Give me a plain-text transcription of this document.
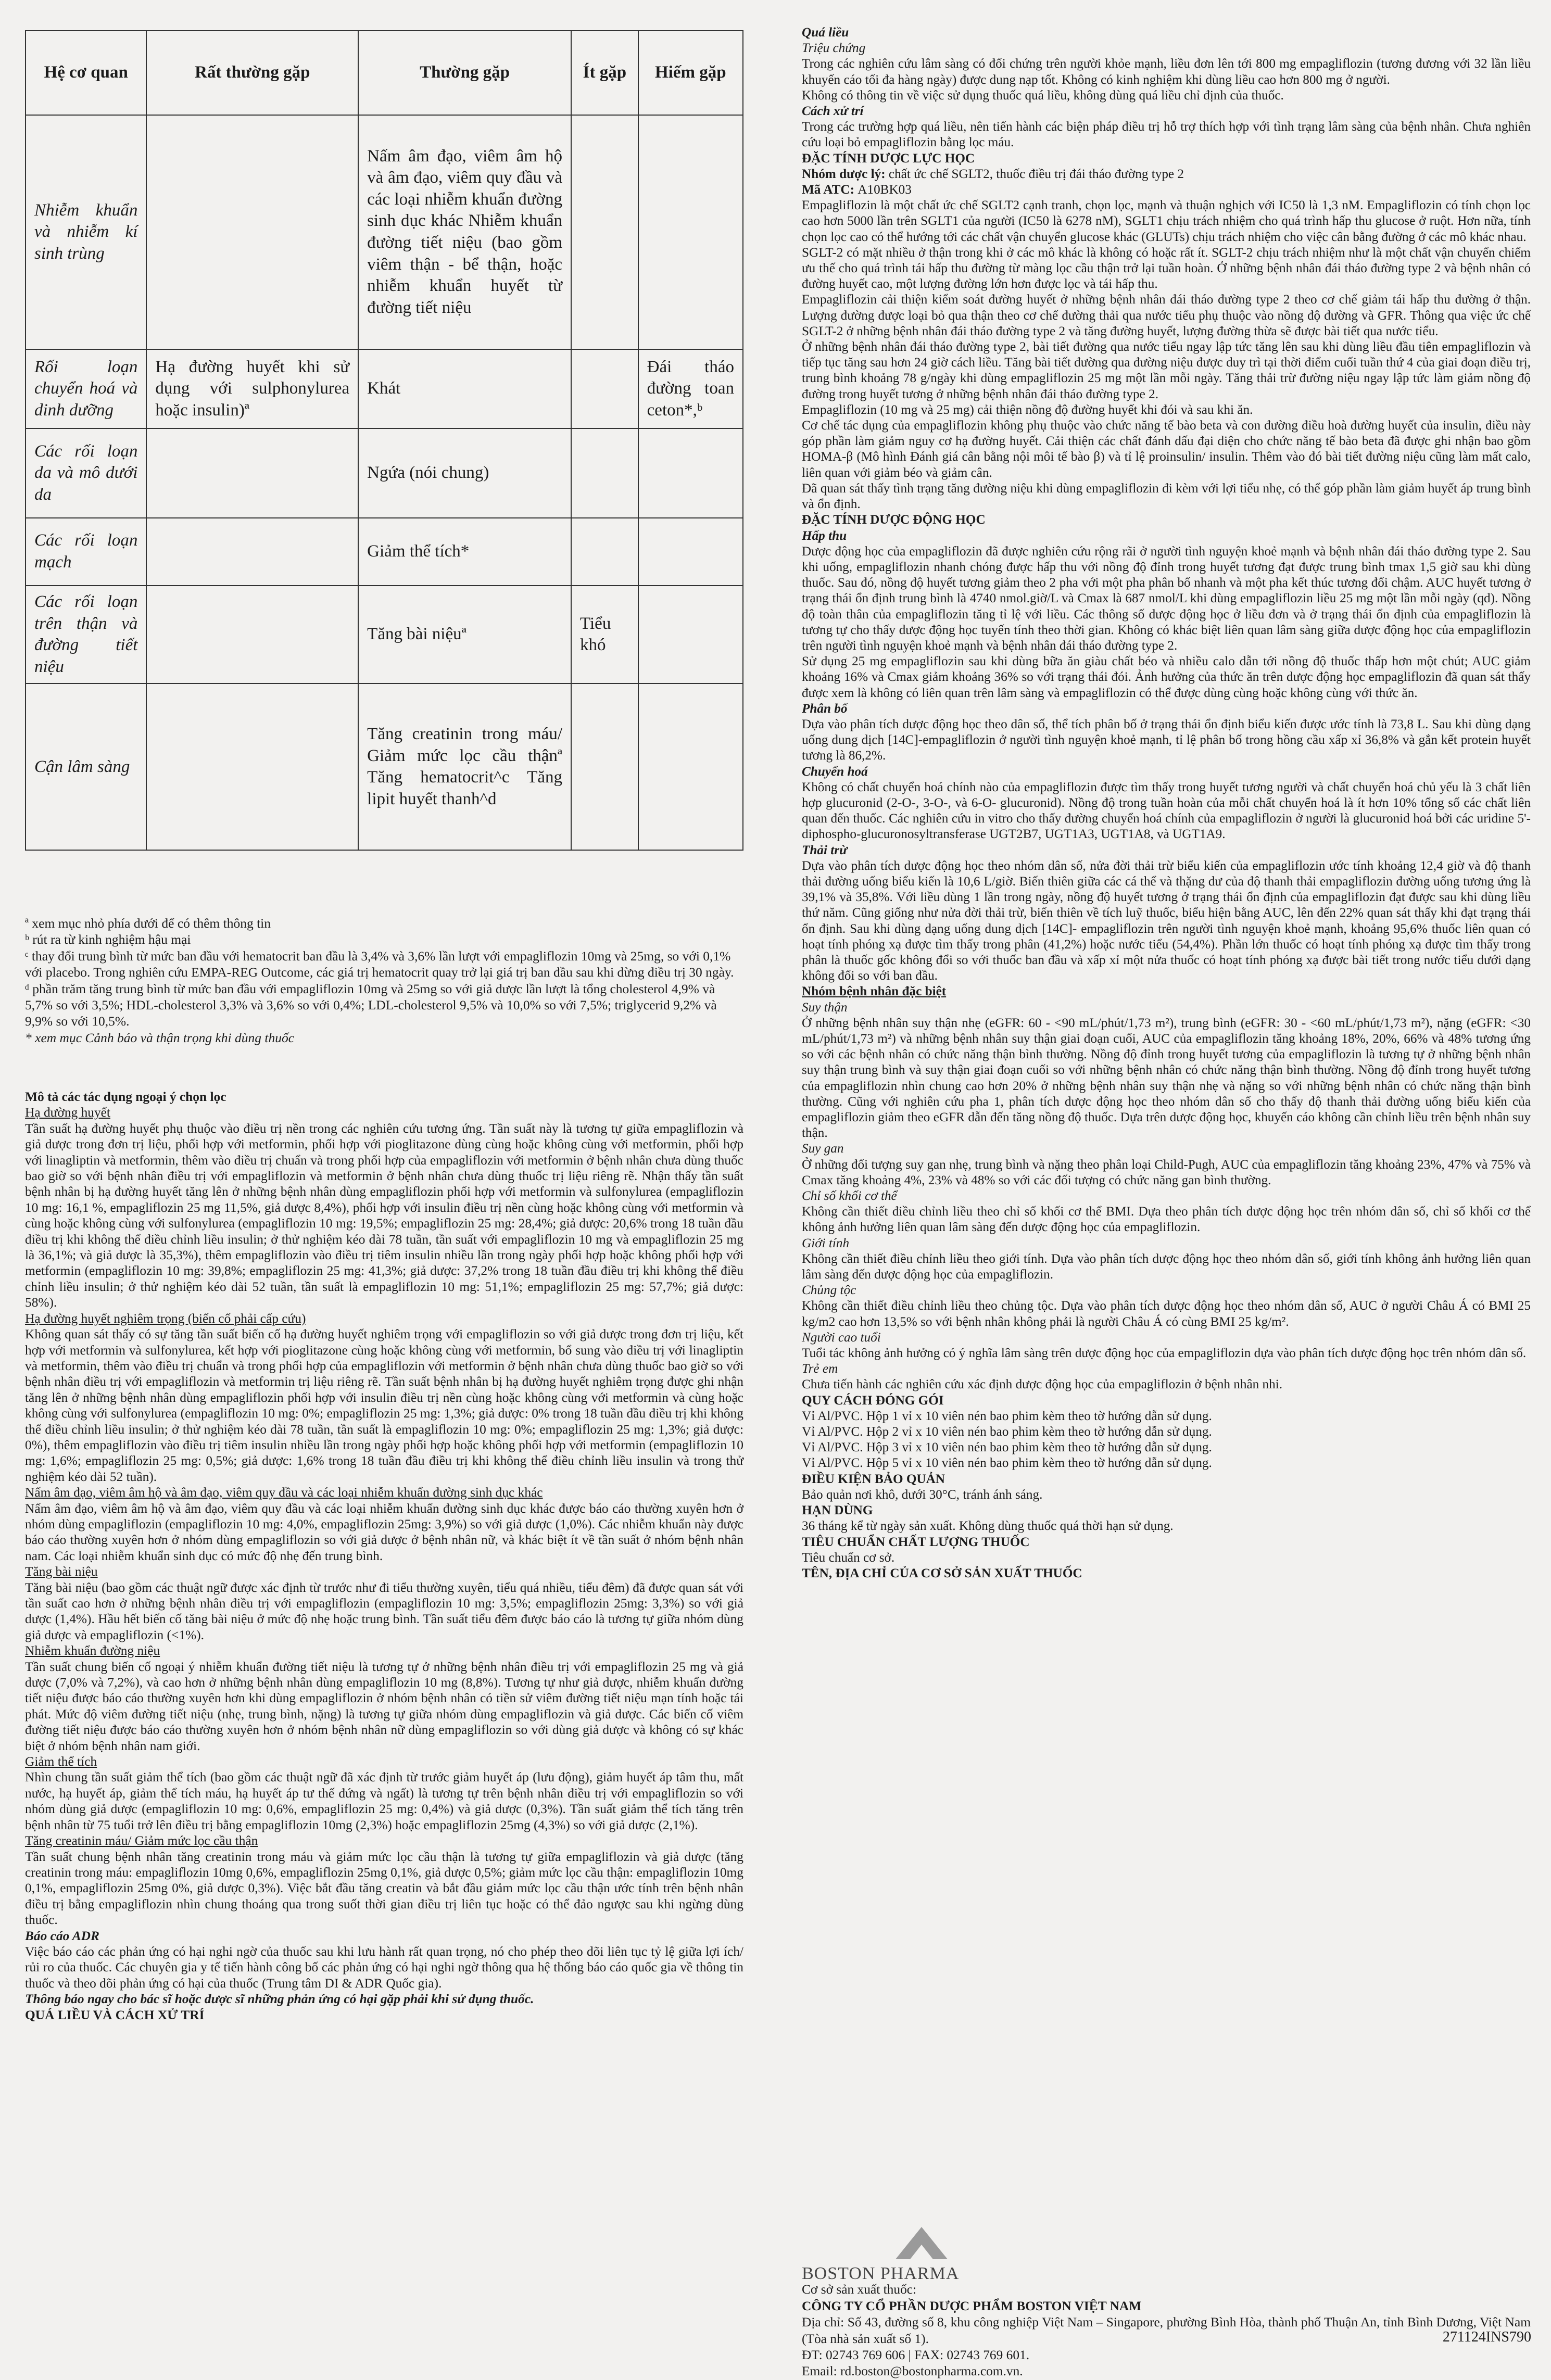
Hệ cơ quan	Rất thường gặp	Thường gặp	Ít gặp	Hiếm gặp
Nhiễm khuẩn và nhiễm kí sinh trùng		Nấm âm đạo, viêm âm hộ và âm đạo, viêm quy đầu và các loại nhiễm khuẩn đường sinh dục khác Nhiễm khuẩn đường tiết niệu (bao gồm viêm thận - bể thận, hoặc nhiễm khuẩn huyết từ đường tiết niệu		
Rối loạn chuyển hoá và dinh dưỡng	Hạ đường huyết khi sử dụng với sulphonylurea hoặc insulin)ª	Khát		Đái tháo đường toan ceton*,ᵇ
Các rối loạn da và mô dưới da		Ngứa (nói chung)		
Các rối loạn mạch		Giảm thể tích*		
Các rối loạn trên thận và đường tiết niệu		Tăng bài niệuª	Tiểu khó	
Cận lâm sàng		Tăng creatinin trong máu/ Giảm mức lọc cầu thậnª Tăng hematocrit^c Tăng lipit huyết thanh^d		

ª xem mục nhỏ phía dưới để có thêm thông tin

ᵇ rút ra từ kinh nghiệm hậu mại

ᶜ thay đổi trung bình từ mức ban đầu với hematocrit ban đầu là 3,4% và 3,6% lần lượt với empagliflozin 10mg và 25mg, so với 0,1% với placebo. Trong nghiên cứu EMPA-REG Outcome, các giá trị hematocrit quay trở lại giá trị ban đầu sau khi dừng điều trị 30 ngày.

ᵈ phần trăm tăng trung bình từ mức ban đầu với empagliflozin 10mg và 25mg so với giả dược lần lượt là tổng cholesterol 4,9% và 5,7% so với 3,5%; HDL-cholesterol 3,3% và 3,6% so với 0,4%; LDL-cholesterol 9,5% và 10,0% so với 7,5%; triglycerid 9,2% và 9,9% so với 10,5%.

* xem mục Cảnh báo và thận trọng khi dùng thuốc

Mô tả các tác dụng ngoại ý chọn lọc

Hạ đường huyết

Tần suất hạ đường huyết phụ thuộc vào điều trị nền trong các nghiên cứu tương ứng. Tần suất này là tương tự giữa empagliflozin và giả dược trong đơn trị liệu, phối hợp với metformin, phối hợp với pioglitazone dùng cùng hoặc không cùng với metformin, phối hợp với linagliptin và metformin, thêm vào điều trị chuẩn và trong phối hợp của empagliflozin với metformin ở bệnh nhân chưa dùng thuốc bao giờ so với bệnh nhân điều trị với empagliflozin và metformin ở bệnh nhân chưa dùng thuốc trị liệu riêng rẽ. Nhận thấy tần suất bệnh nhân bị hạ đường huyết tăng lên ở những bệnh nhân dùng empagliflozin phối hợp với metformin và sulfonylurea (empagliflozin 10 mg: 16,1 %, empagliflozin 25 mg 11,5%, giả dược 8,4%), phối hợp với insulin điều trị nền cùng hoặc không cùng với metformin và cùng hoặc không cùng với sulfonylurea (empagliflozin 10 mg: 19,5%; empagliflozin 25 mg: 28,4%; giả dược: 20,6% trong 18 tuần đầu điều trị khi không thể điều chỉnh liều insulin; ở thử nghiệm kéo dài 78 tuần, tần suất với empagliflozin 10 mg và empagliflozin 25 mg là 36,1%; và giả dược là 35,3%), thêm empagliflozin vào điều trị tiêm insulin nhiều lần trong ngày phối hợp hoặc không phối hợp với metformin (empagliflozin 10 mg: 39,8%; empagliflozin 25 mg: 41,3%; giả dược: 37,2% trong 18 tuần đầu điều trị khi không thể điều chỉnh liều insulin; ở thử nghiệm kéo dài 52 tuần, tần suất là empagliflozin 10 mg: 51,1%; empagliflozin 25 mg: 57,7%; giả dược: 58%).

Hạ đường huyết nghiêm trọng (biến cố phải cấp cứu)

Không quan sát thấy có sự tăng tần suất biến cố hạ đường huyết nghiêm trọng với empagliflozin so với giả dược trong đơn trị liệu, kết hợp với metformin và sulfonylurea, kết hợp với pioglitazone cùng hoặc không cùng với metformin, bổ sung vào điều trị với linagliptin và metformin, thêm vào điều trị chuẩn và trong phối hợp của empagliflozin với metformin ở bệnh nhân chưa dùng thuốc bao giờ so với bệnh nhân điều trị với empagliflozin và metformin trị liệu riêng rẽ. Tần suất bệnh nhân bị hạ đường huyết nghiêm trọng được ghi nhận tăng lên ở những bệnh nhân dùng empagliflozin phối hợp với insulin điều trị nền cùng hoặc không cùng với metformin và cùng hoặc không cùng với sulfonylurea (empagliflozin 10 mg: 0%; empagliflozin 25 mg: 1,3%; giả dược: 0% trong 18 tuần đầu điều trị khi không thể điều chỉnh liều insulin; ở thử nghiệm kéo dài 78 tuần, tần suất là empagliflozin 10 mg: 0%; empagliflozin 25 mg: 1,3%; giả dược: 0%), thêm empagliflozin vào điều trị tiêm insulin nhiều lần trong ngày phối hợp hoặc không phối hợp với metformin (empagliflozin 10 mg: 1,6%; empagliflozin 25 mg: 0,5%; giả dược: 1,6% trong 18 tuần đầu điều trị khi không thể điều chỉnh liều insulin và trong thử nghiệm kéo dài 52 tuần).

Nấm âm đạo, viêm âm hộ và âm đạo, viêm quy đầu và các loại nhiễm khuẩn đường sinh dục khác

Nấm âm đạo, viêm âm hộ và âm đạo, viêm quy đầu và các loại nhiễm khuẩn đường sinh dục khác được báo cáo thường xuyên hơn ở nhóm dùng empagliflozin (empagliflozin 10 mg: 4,0%, empagliflozin 25mg: 3,9%) so với giả dược (1,0%). Các nhiễm khuẩn này được báo cáo thường xuyên hơn ở nhóm dùng empagliflozin so với giả dược ở bệnh nhân nữ, và khác biệt ít về tần suất ở nhóm bệnh nhân nam. Các loại nhiễm khuẩn sinh dục có mức độ nhẹ đến trung bình.

Tăng bài niệu

Tăng bài niệu (bao gồm các thuật ngữ được xác định từ trước như đi tiểu thường xuyên, tiểu quá nhiều, tiểu đêm) đã được quan sát với tần suất cao hơn ở những bệnh nhân điều trị với empagliflozin (empagliflozin 10 mg: 3,5%; empagliflozin 25mg: 3,3%) so với giả dược (1,4%). Hầu hết biến cố tăng bài niệu ở mức độ nhẹ hoặc trung bình. Tần suất tiểu đêm được báo cáo là tương tự giữa nhóm dùng giả dược và empagliflozin (<1%).

Nhiễm khuẩn đường niệu

Tần suất chung biến cố ngoại ý nhiễm khuẩn đường tiết niệu là tương tự ở những bệnh nhân điều trị với empagliflozin 25 mg và giả dược (7,0% và 7,2%), và cao hơn ở những bệnh nhân dùng empagliflozin 10 mg (8,8%). Tương tự như giả dược, nhiễm khuẩn đường tiết niệu được báo cáo thường xuyên hơn khi dùng empagliflozin ở nhóm bệnh nhân có tiền sử viêm đường tiết niệu mạn tính hoặc tái phát. Mức độ viêm đường tiết niệu (nhẹ, trung bình, nặng) là tương tự giữa nhóm dùng empagliflozin và giả dược. Các biến cố viêm đường tiết niệu được báo cáo thường xuyên hơn ở nhóm bệnh nhân nữ dùng empagliflozin so với dùng giả dược và không có sự khác biệt ở nhóm bệnh nhân nam giới.

Giảm thể tích

Nhìn chung tần suất giảm thể tích (bao gồm các thuật ngữ đã xác định từ trước giảm huyết áp (lưu động), giảm huyết áp tâm thu, mất nước, hạ huyết áp, giảm thể tích máu, hạ huyết áp tư thế đứng và ngất) là tương tự trên bệnh nhân điều trị với empagliflozin so với nhóm dùng giả dược (empagliflozin 10 mg: 0,6%, empagliflozin 25 mg: 0,4%) và giả dược (0,3%). Tần suất giảm thể tích tăng trên bệnh nhân từ 75 tuổi trở lên điều trị bằng empagliflozin 10mg (2,3%) hoặc empagliflozin 25mg (4,3%) so với giả dược (2,1%).

Tăng creatinin máu/ Giảm mức lọc cầu thận

Tần suất chung bệnh nhân tăng creatinin trong máu và giảm mức lọc cầu thận là tương tự giữa empagliflozin và giả dược (tăng creatinin trong máu: empagliflozin 10mg 0,6%, empagliflozin 25mg 0,1%, giả dược 0,5%; giảm mức lọc cầu thận: empagliflozin 10mg 0,1%, empagliflozin 25mg 0%, giả dược 0,3%). Việc bắt đầu tăng creatin và bắt đầu giảm mức lọc cầu thận ước tính trên bệnh nhân điều trị bằng empagliflozin nhìn chung thoáng qua trong suốt thời gian điều trị liên tục hoặc có thể đảo ngược sau khi ngừng dùng thuốc.

Báo cáo ADR

Việc báo cáo các phản ứng có hại nghi ngờ của thuốc sau khi lưu hành rất quan trọng, nó cho phép theo dõi liên tục tỷ lệ giữa lợi ích/ rủi ro của thuốc. Các chuyên gia y tế tiến hành công bố các phản ứng có hại nghi ngờ thông qua hệ thống báo cáo quốc gia về thông tin thuốc và theo dõi phản ứng có hại của thuốc (Trung tâm DI & ADR Quốc gia).

Thông báo ngay cho bác sĩ hoặc dược sĩ những phản ứng có hại gặp phải khi sử dụng thuốc.

QUÁ LIỀU VÀ CÁCH XỬ TRÍ

Quá liều

Triệu chứng

Trong các nghiên cứu lâm sàng có đối chứng trên người khỏe mạnh, liều đơn lên tới 800 mg empagliflozin (tương đương với 32 lần liều khuyến cáo tối đa hàng ngày) được dung nạp tốt. Không có kinh nghiệm khi dùng liều cao hơn 800 mg ở người.

Không có thông tin về việc sử dụng thuốc quá liều, không dùng quá liều chỉ định của thuốc.

Cách xử trí

Trong các trường hợp quá liều, nên tiến hành các biện pháp điều trị hỗ trợ thích hợp với tình trạng lâm sàng của bệnh nhân. Chưa nghiên cứu loại bỏ empagliflozin bằng lọc máu.

ĐẶC TÍNH DƯỢC LỰC HỌC

Nhóm dược lý: chất ức chế SGLT2, thuốc điều trị đái tháo đường type 2

Mã ATC: A10BK03

Empagliflozin là một chất ức chế SGLT2 cạnh tranh, chọn lọc, mạnh và thuận nghịch với IC50 là 1,3 nM. Empagliflozin có tính chọn lọc cao hơn 5000 lần trên SGLT1 của người (IC50 là 6278 nM), SGLT1 chịu trách nhiệm cho quá trình hấp thu glucose ở ruột. Hơn nữa, tính chọn lọc cao có thể hướng tới các chất vận chuyển glucose khác (GLUTs) chịu trách nhiệm cho việc cân bằng đường ở các mô khác nhau.

SGLT-2 có mặt nhiều ở thận trong khi ở các mô khác là không có hoặc rất ít. SGLT-2 chịu trách nhiệm như là một chất vận chuyển chiếm ưu thế cho quá trình tái hấp thu đường từ màng lọc cầu thận trở lại tuần hoàn. Ở những bệnh nhân đái tháo đường type 2 và bệnh nhân có đường huyết cao, một lượng đường lớn hơn được lọc và tái hấp thu.

Empagliflozin cải thiện kiểm soát đường huyết ở những bệnh nhân đái tháo đường type 2 theo cơ chế giảm tái hấp thu đường ở thận. Lượng đường được loại bỏ qua thận theo cơ chế đường thải qua nước tiểu phụ thuộc vào nồng độ đường và GFR. Thông qua việc ức chế SGLT-2 ở những bệnh nhân đái tháo đường type 2 và tăng đường huyết, lượng đường thừa sẽ được bài tiết qua nước tiểu.

Ở những bệnh nhân đái tháo đường type 2, bài tiết đường qua nước tiểu ngay lập tức tăng lên sau khi dùng liều đầu tiên empagliflozin và tiếp tục tăng sau hơn 24 giờ cách liều. Tăng bài tiết đường qua đường niệu được duy trì tại thời điểm cuối tuần thứ 4 của giai đoạn điều trị, trung bình khoảng 78 g/ngày khi dùng empagliflozin 25 mg một lần mỗi ngày. Tăng thải trừ đường niệu ngay lập tức làm giảm nồng độ đường trong huyết tương ở những bệnh nhân đái tháo đường type 2.

Empagliflozin (10 mg và 25 mg) cải thiện nồng độ đường huyết khi đói và sau khi ăn.

Cơ chế tác dụng của empagliflozin không phụ thuộc vào chức năng tế bào beta và con đường điều hoà đường huyết của insulin, điều này góp phần làm giảm nguy cơ hạ đường huyết. Cải thiện các chất đánh dấu đại diện cho chức năng tế bào beta đã được ghi nhận bao gồm HOMA-β (Mô hình Đánh giá cân bằng nội môi tế bào β) và tỉ lệ proinsulin/ insulin. Thêm vào đó bài tiết đường niệu cũng làm mất calo, liên quan với giảm béo và giảm cân.

Đã quan sát thấy tình trạng tăng đường niệu khi dùng empagliflozin đi kèm với lợi tiểu nhẹ, có thể góp phần làm giảm huyết áp trung bình và ổn định.

ĐẶC TÍNH DƯỢC ĐỘNG HỌC

Hấp thu

Dược động học của empagliflozin đã được nghiên cứu rộng rãi ở người tình nguyện khoẻ mạnh và bệnh nhân đái tháo đường type 2. Sau khi uống, empagliflozin nhanh chóng được hấp thu với nồng độ đỉnh trong huyết tương đạt được trung bình tmax 1,5 giờ sau khi dùng thuốc. Sau đó, nồng độ huyết tương giảm theo 2 pha với một pha phân bố nhanh và một pha kết thúc tương đối chậm. AUC huyết tương ở trạng thái ổn định trung bình là 4740 nmol.giờ/L và Cmax là 687 nmol/L khi dùng empagliflozin liều 25 mg một lần mỗi ngày (qd). Nồng độ toàn thân của empagliflozin tăng tỉ lệ với liều. Các thông số dược động học ở liều đơn và ở trạng thái ổn định của empagliflozin là tương tự cho thấy dược động học tuyến tính theo thời gian. Không có khác biệt liên quan lâm sàng giữa dược động học của empagliflozin trên người tình nguyện khoẻ mạnh và bệnh nhân đái tháo đường type 2.

Sử dụng 25 mg empagliflozin sau khi dùng bữa ăn giàu chất béo và nhiều calo dẫn tới nồng độ thuốc thấp hơn một chút; AUC giảm khoảng 16% và Cmax giảm khoảng 36% so với trạng thái đói. Ảnh hưởng của thức ăn trên dược động học empagliflozin đã quan sát thấy được xem là không có liên quan trên lâm sàng và empagliflozin có thể được dùng cùng hoặc không cùng với thức ăn.

Phân bố

Dựa vào phân tích dược động học theo dân số, thể tích phân bố ở trạng thái ổn định biểu kiến được ước tính là 73,8 L. Sau khi dùng dạng uống dung dịch [14C]-empagliflozin ở người tình nguyện khoẻ mạnh, tỉ lệ phân bố trong hồng cầu xấp xỉ 36,8% và gắn kết protein huyết tương là 86,2%.

Chuyển hoá

Không có chất chuyển hoá chính nào của empagliflozin được tìm thấy trong huyết tương người và chất chuyển hoá chủ yếu là 3 chất liên hợp glucuronid (2-O-, 3-O-, và 6-O- glucuronid). Nồng độ trong tuần hoàn của mỗi chất chuyển hoá là ít hơn 10% tổng số các chất liên quan đến thuốc. Các nghiên cứu in vitro cho thấy đường chuyển hoá chính của empagliflozin ở người là glucuronid hoá bởi các uridine 5'-diphospho-glucuronosyltransferase UGT2B7, UGT1A3, UGT1A8, và UGT1A9.

Thải trừ

Dựa vào phân tích dược động học theo nhóm dân số, nửa đời thải trừ biểu kiến của empagliflozin ước tính khoảng 12,4 giờ và độ thanh thải đường uống biểu kiến là 10,6 L/giờ. Biến thiên giữa các cá thể và thặng dư của độ thanh thải empagliflozin đường uống tương ứng là 39,1% và 35,8%. Với liều dùng 1 lần trong ngày, nồng độ huyết tương ở trạng thái ổn định của empagliflozin đạt được sau khi dùng liều thứ năm. Cũng giống như nửa đời thải trừ, biến thiên về tích luỹ thuốc, biểu hiện bằng AUC, lên đến 22% quan sát thấy khi đạt trạng thái ổn định. Sau khi dùng dạng uống dung dịch [14C]- empagliflozin trên người tình nguyện khoẻ mạnh, khoảng 95,6% thuốc liên quan có hoạt tính phóng xạ được tìm thấy trong phân (41,2%) hoặc nước tiểu (54,4%). Phần lớn thuốc có hoạt tính phóng xạ được tìm thấy trong phân là thuốc gốc không đổi so với thuốc ban đầu và xấp xỉ một nửa thuốc có hoạt tính phóng xạ được bài tiết trong nước tiểu dưới dạng không đổi so với ban đầu.

Nhóm bệnh nhân đặc biệt

Suy thận

Ở những bệnh nhân suy thận nhẹ (eGFR: 60 - <90 mL/phút/1,73 m²), trung bình (eGFR: 30 - <60 mL/phút/1,73 m²), nặng (eGFR: <30 mL/phút/1,73 m²) và những bệnh nhân suy thận giai đoạn cuối, AUC của empagliflozin tăng khoảng 18%, 20%, 66% và 48% tương ứng so với các bệnh nhân có chức năng thận bình thường. Nồng độ đỉnh trong huyết tương của empagliflozin là tương tự ở những bệnh nhân suy thận trung bình và suy thận giai đoạn cuối so với những bệnh nhân có chức năng thận bình thường. Nồng độ đỉnh trong huyết tương của empagliflozin nhìn chung cao hơn 20% ở những bệnh nhân suy thận nhẹ và nặng so với những bệnh nhân có chức năng thận bình thường. Cũng với nghiên cứu pha 1, phân tích dược động học theo nhóm dân số cho thấy độ thanh thải đường uống biểu kiến của empagliflozin giảm theo eGFR dẫn đến tăng nồng độ thuốc. Dựa trên dược động học, khuyến cáo không cần chỉnh liều trên bệnh nhân suy thận.

Suy gan

Ở những đối tượng suy gan nhẹ, trung bình và nặng theo phân loại Child-Pugh, AUC của empagliflozin tăng khoảng 23%, 47% và 75% và Cmax tăng khoảng 4%, 23% và 48% so với các đối tượng có chức năng gan bình thường.

Chỉ số khối cơ thể

Không cần thiết điều chỉnh liều theo chỉ số khối cơ thể BMI. Dựa theo phân tích dược động học trên nhóm dân số, chỉ số khối cơ thể không ảnh hưởng liên quan lâm sàng đến dược động học của empagliflozin.

Giới tính

Không cần thiết điều chỉnh liều theo giới tính. Dựa vào phân tích dược động học theo nhóm dân số, giới tính không ảnh hưởng liên quan lâm sàng đến dược động học của empagliflozin.

Chủng tộc

Không cần thiết điều chỉnh liều theo chủng tộc. Dựa vào phân tích dược động học theo nhóm dân số, AUC ở người Châu Á có BMI 25 kg/m2 cao hơn 13,5% so với bệnh nhân không phải là người Châu Á có cùng BMI 25 kg/m².

Người cao tuổi

Tuổi tác không ảnh hưởng có ý nghĩa lâm sàng trên dược động học của empagliflozin dựa vào phân tích dược động học trên nhóm dân số.

Trẻ em

Chưa tiến hành các nghiên cứu xác định dược động học của empagliflozin ở bệnh nhân nhi.

QUY CÁCH ĐÓNG GÓI

Vỉ Al/PVC. Hộp 1 vỉ x 10 viên nén bao phim kèm theo tờ hướng dẫn sử dụng.

Vỉ Al/PVC. Hộp 2 vỉ x 10 viên nén bao phim kèm theo tờ hướng dẫn sử dụng.

Vỉ Al/PVC. Hộp 3 vỉ x 10 viên nén bao phim kèm theo tờ hướng dẫn sử dụng.

Vỉ Al/PVC. Hộp 5 vỉ x 10 viên nén bao phim kèm theo tờ hướng dẫn sử dụng.

ĐIỀU KIỆN BẢO QUẢN

Bảo quản nơi khô, dưới 30°C, tránh ánh sáng.

HẠN DÙNG

36 tháng kể từ ngày sản xuất. Không dùng thuốc quá thời hạn sử dụng.

TIÊU CHUẨN CHẤT LƯỢNG THUỐC

Tiêu chuẩn cơ sở.

TÊN, ĐỊA CHỈ CỦA CƠ SỞ SẢN XUẤT THUỐC

BOSTON PHARMA

Cơ sở sản xuất thuốc:

CÔNG TY CỔ PHẦN DƯỢC PHẨM BOSTON VIỆT NAM

Địa chỉ: Số 43, đường số 8, khu công nghiệp Việt Nam – Singapore, phường Bình Hòa, thành phố Thuận An, tỉnh Bình Dương, Việt Nam (Tòa nhà sản xuất số 1).

ĐT: 02743 769 606 | FAX: 02743 769 601.

Email: rd.boston@bostonpharma.com.vn.

271124INS790
